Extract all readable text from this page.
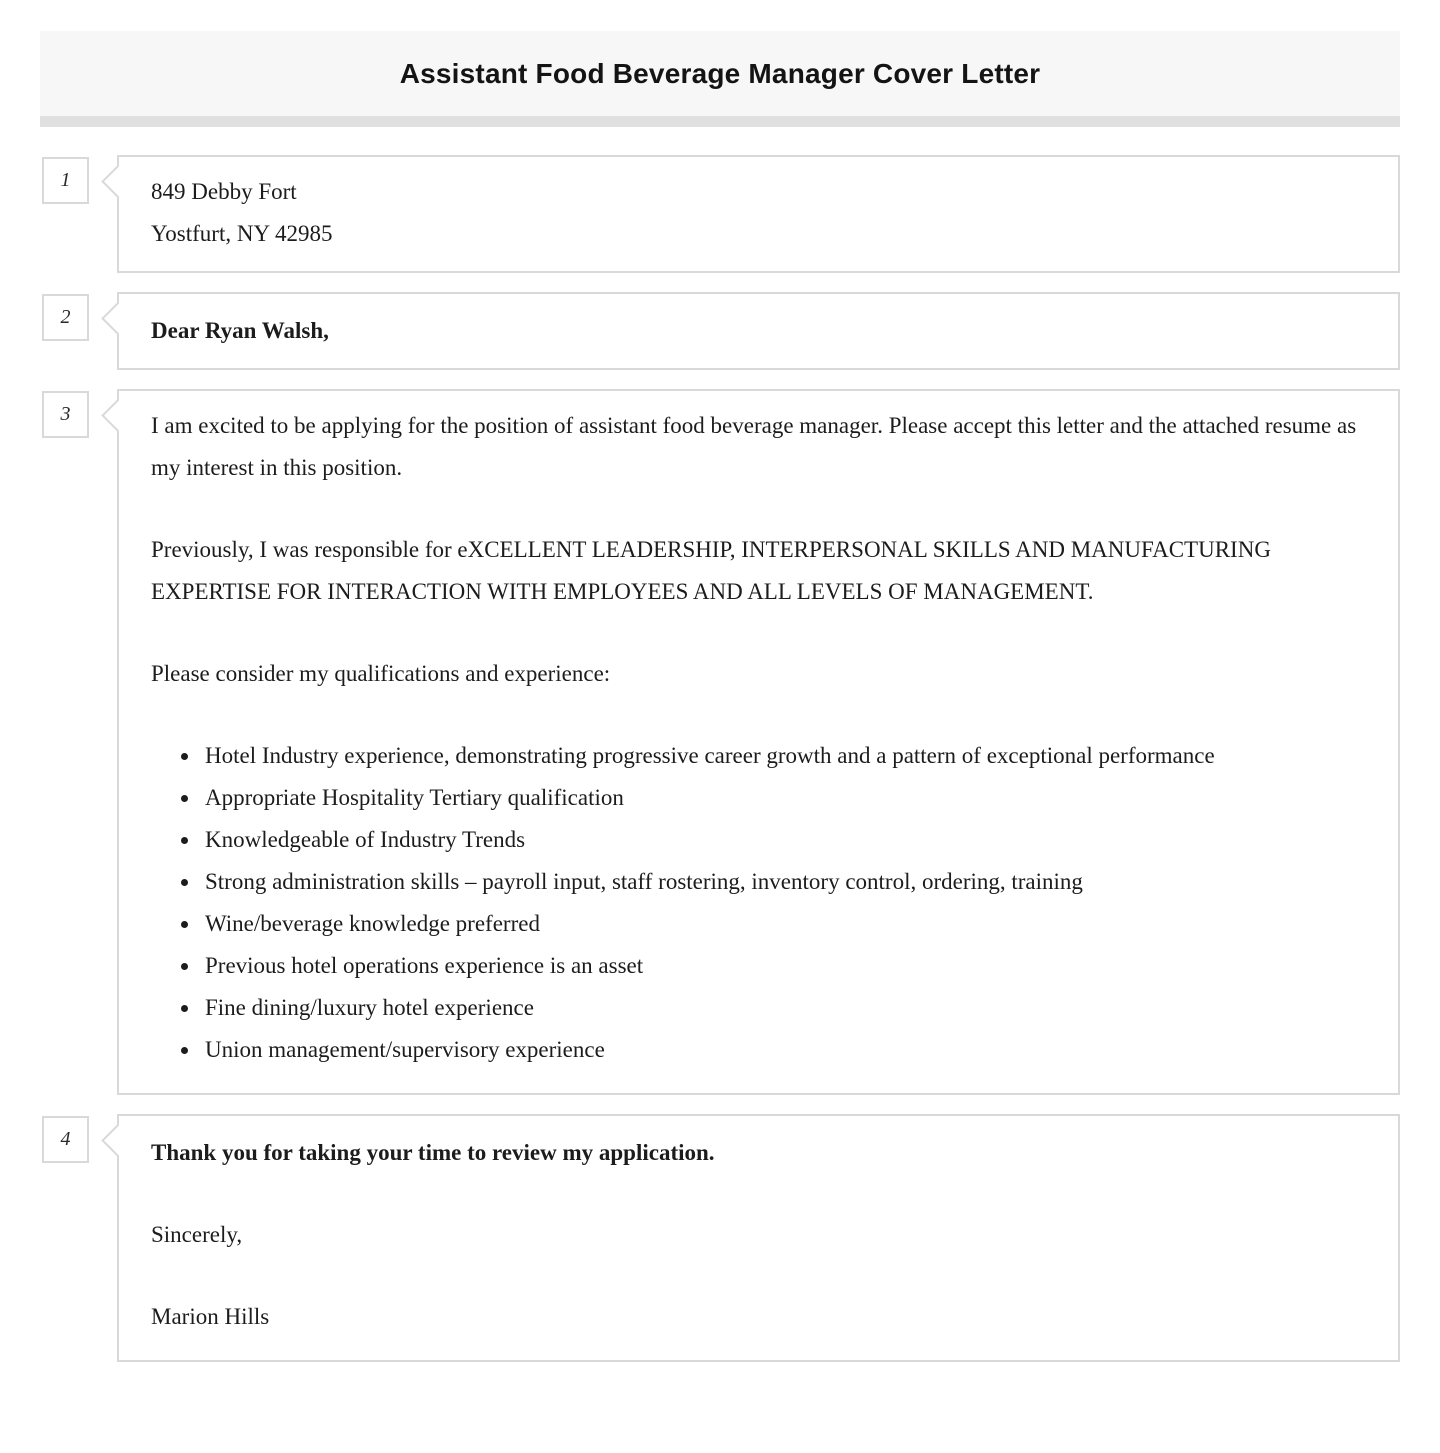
Assistant Food Beverage Manager Cover Letter
1	849 Debby Fort
Yostfurt, NY 42985
2
Dear Ryan Walsh,
3	I am excited to be applying for the position of assistant food beverage manager. Please accept this letter and the attached resume as my interest in this position.

Previously, I was responsible for eXCELLENT LEADERSHIP, INTERPERSONAL SKILLS AND MANUFACTURING EXPERTISE FOR INTERACTION WITH EMPLOYEES AND ALL LEVELS OF MANAGEMENT.

Please consider my qualifications and experience:

• Hotel Industry experience, demonstrating progressive career growth and a pattern of exceptional performance
• Appropriate Hospitality Tertiary qualification
• Knowledgeable of Industry Trends
• Strong administration skills – payroll input, staff rostering, inventory control, ordering, training
• Wine/beverage knowledge preferred
• Previous hotel operations experience is an asset
• Fine dining/luxury hotel experience
• Union management/supervisory experience
4

Thank you for taking your time to review my application.

Sincerely,

Marion Hills
